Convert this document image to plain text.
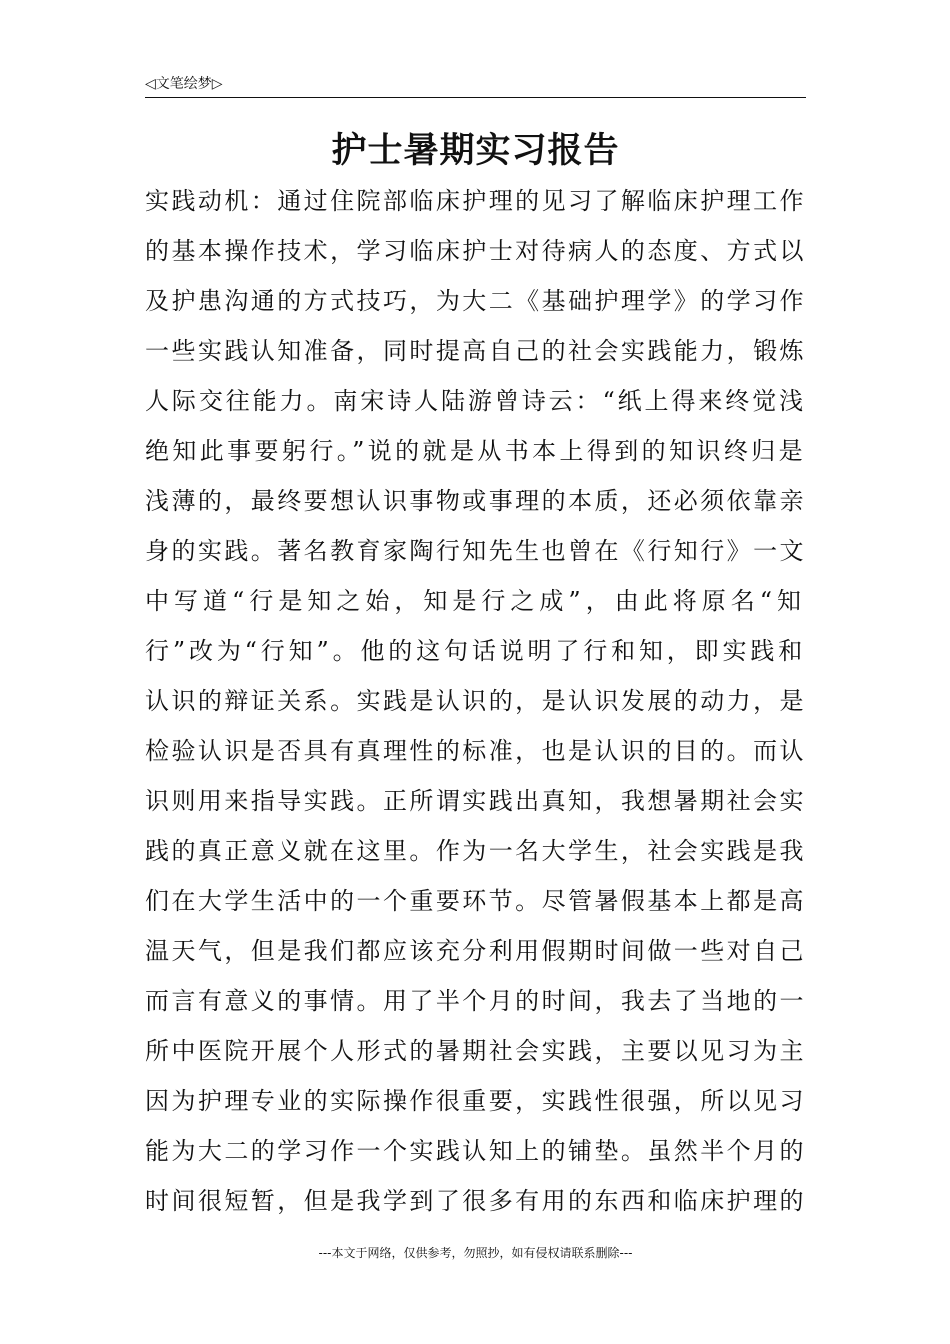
◁文笔绘梦▷
护士暑期实习报告
实践动机：通过住院部临床护理的见习了解临床护理工作
的基本操作技术，学习临床护士对待病人的态度、方式以
及护患沟通的方式技巧，为大二《基础护理学》的学习作
一些实践认知准备，同时提高自己的社会实践能力，锻炼
人际交往能力。南宋诗人陆游曾诗云：“纸上得来终觉浅
绝知此事要躬行。”说的就是从书本上得到的知识终归是
浅薄的，最终要想认识事物或事理的本质，还必须依靠亲
身的实践。著名教育家陶行知先生也曾在《行知行》一文
中写道“行是知之始，知是行之成”，由此将原名“知
行”改为“行知”。他的这句话说明了行和知，即实践和
认识的辩证关系。实践是认识的，是认识发展的动力，是
检验认识是否具有真理性的标准，也是认识的目的。而认
识则用来指导实践。正所谓实践出真知，我想暑期社会实
践的真正意义就在这里。作为一名大学生，社会实践是我
们在大学生活中的一个重要环节。尽管暑假基本上都是高
温天气，但是我们都应该充分利用假期时间做一些对自己
而言有意义的事情。用了半个月的时间，我去了当地的一
所中医院开展个人形式的暑期社会实践，主要以见习为主
因为护理专业的实际操作很重要，实践性很强，所以见习
能为大二的学习作一个实践认知上的铺垫。虽然半个月的
时间很短暂，但是我学到了很多有用的东西和临床护理的
---本文于网络，仅供参考，勿照抄，如有侵权请联系删除---
